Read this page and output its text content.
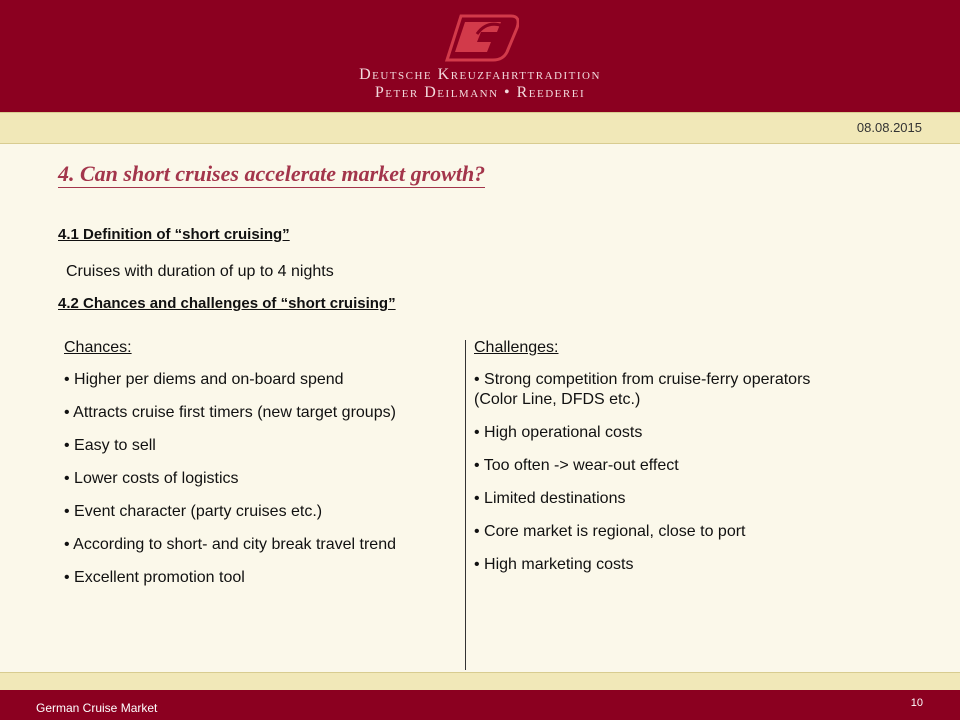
Deutsche Kreuzfahrttradition
Peter Deilmann • Reederei
08.08.2015
4. Can short cruises accelerate market growth?
4.1 Definition of “short cruising”
Cruises with duration of up to 4 nights
4.2 Chances and challenges of “short cruising”
Chances:
• Higher per diems and on-board spend
• Attracts cruise first timers (new target groups)
• Easy to sell
• Lower costs of logistics
• Event character (party cruises etc.)
• According to short- and city break travel trend
• Excellent promotion tool
Challenges:
• Strong competition from cruise-ferry operators (Color Line, DFDS etc.)
• High operational costs
• Too often -> wear-out effect
• Limited destinations
• Core market is regional, close to port
• High marketing costs
German Cruise Market	10
